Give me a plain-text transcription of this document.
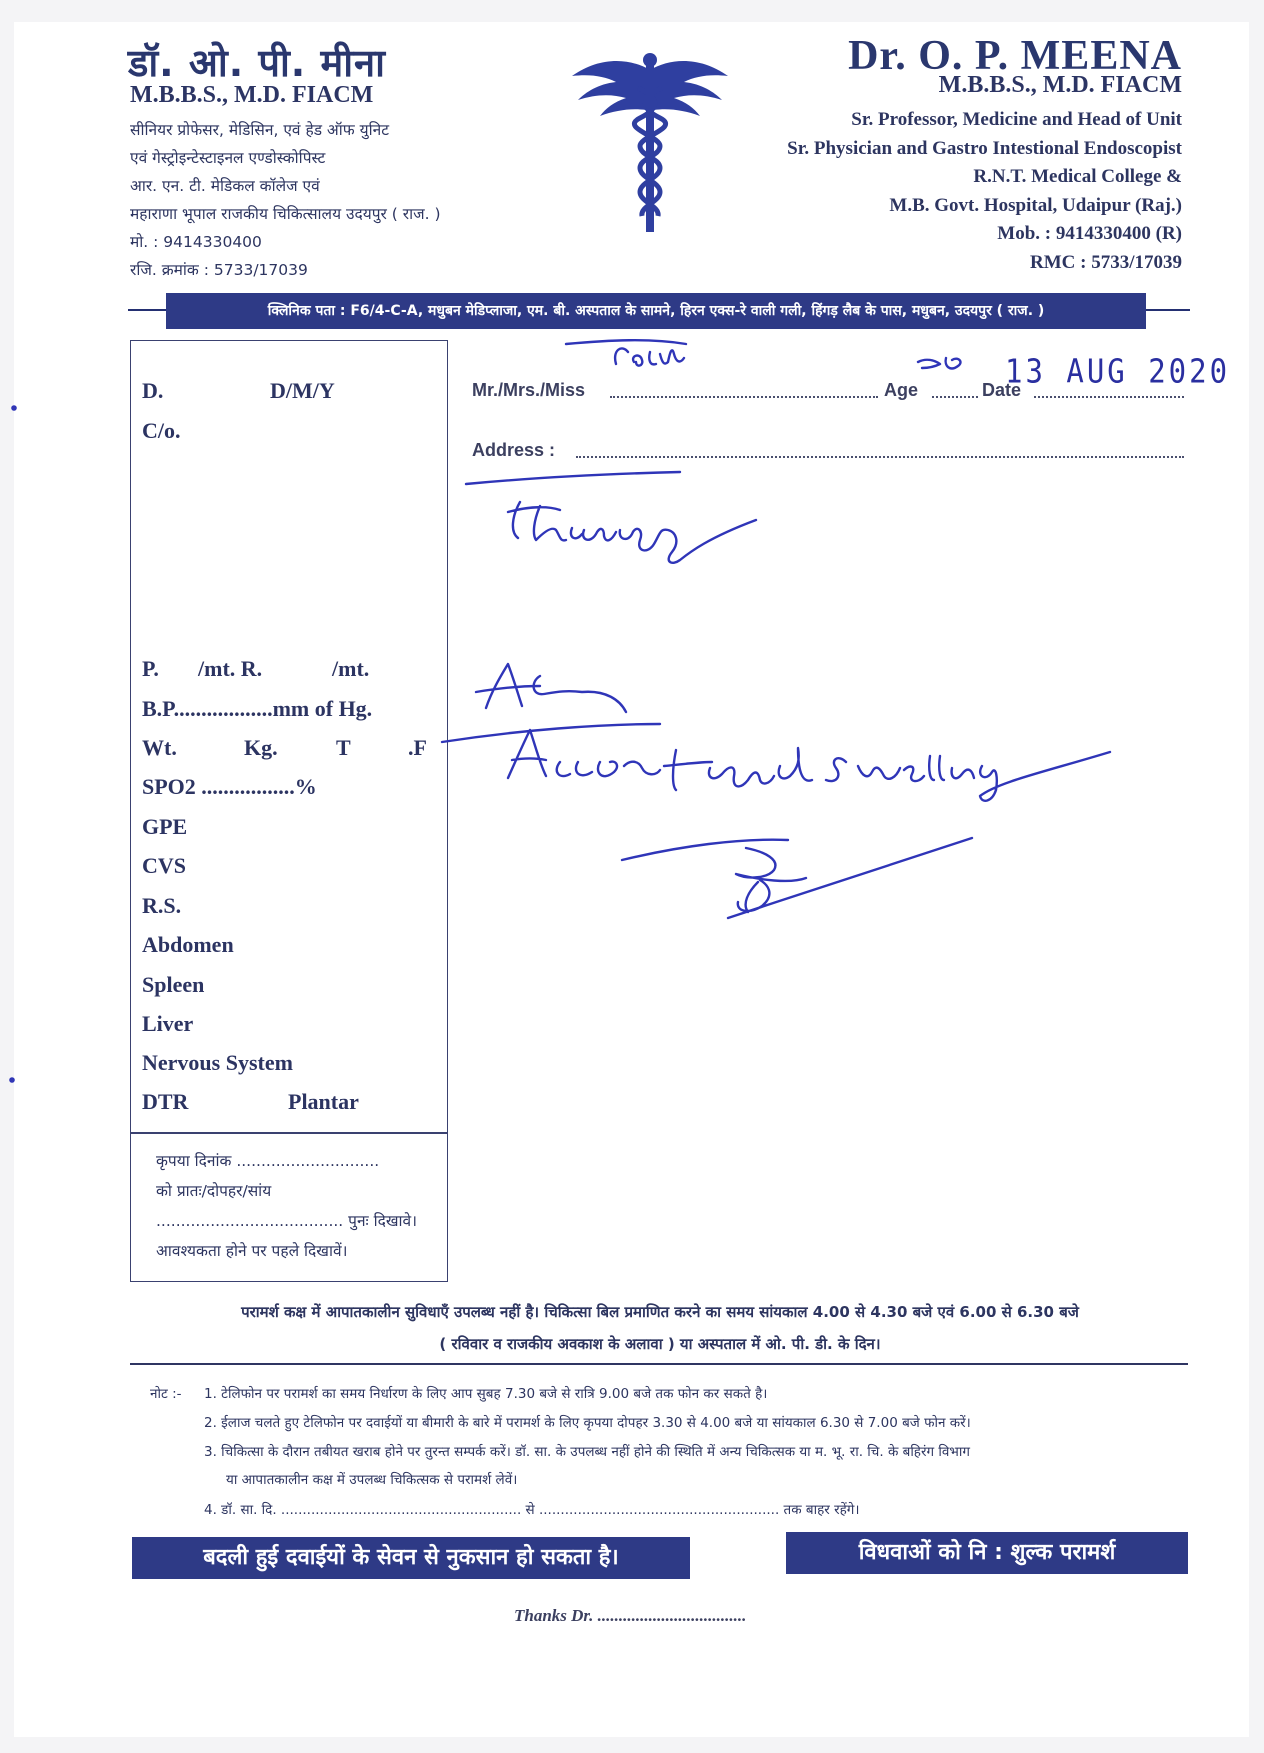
डॉ. ओ. पी. मीना
M.B.B.S., M.D. FIACM
सीनियर प्रोफेसर, मेडिसिन, एवं हेड ऑफ युनिट
एवं गेस्ट्रोइन्टेस्टाइनल एण्डोस्कोपिस्ट
आर. एन. टी. मेडिकल कॉलेज एवं
महाराणा भूपाल राजकीय चिकित्सालय उदयपुर ( राज. )
मो. : 9414330400
रजि. क्रमांक : 5733/17039
Dr. O. P. MEENA
M.B.B.S., M.D. FIACM
Sr. Professor, Medicine and Head of Unit
Sr. Physician and Gastro Intestional Endoscopist
R.N.T. Medical College &
M.B. Govt. Hospital, Udaipur (Raj.)
Mob. : 9414330400 (R)
RMC : 5733/17039
क्लिनिक पता : F6/4-C-A, मधुबन मेडिप्लाजा, एम. बी. अस्पताल के सामने, हिरन एक्स-रे वाली गली, हिंगड़ लैब के पास, मधुबन, उदयपुर ( राज. )
D.	D/M/Y
C/o.
P. /mt. R.	/mt.
B.P..................mm of Hg.
Wt.	Kg.	T	.F
SPO2 .................%
GPE
CVS
R.S.
Abdomen
Spleen
Liver
Nervous System
DTR	Plantar
कृपया दिनांक .............................
को प्रातः/दोपहर/सांय
...................................... पुनः दिखावे।
आवश्यकता होने पर पहले दिखावें।
Mr./Mrs./Miss	Age	Date
13 AUG 2020
Address :
परामर्श कक्ष में आपातकालीन सुविधाएँ उपलब्ध नहीं है। चिकित्सा बिल प्रमाणित करने का समय सांयकाल 4.00 से 4.30 बजे एवं 6.00 से 6.30 बजे
( रविवार व राजकीय अवकाश के अलावा ) या अस्पताल में ओ. पी. डी. के दिन।
नोट :- 1. टेलिफोन पर परामर्श का समय निर्धारण के लिए आप सुबह 7.30 बजे से रात्रि 9.00 बजे तक फोन कर सकते है।
2. ईलाज चलते हुए टेलिफोन पर दवाईयों या बीमारी के बारे में परामर्श के लिए कृपया दोपहर 3.30 से 4.00 बजे या सांयकाल 6.30 से 7.00 बजे फोन करें।
3. चिकित्सा के दौरान तबीयत खराब होने पर तुरन्त सम्पर्क करें। डॉ. सा. के उपलब्ध नहीं होने की स्थिति में अन्य चिकित्सक या म. भू. रा. चि. के बहिरंग विभाग
या आपातकालीन कक्ष में उपलब्ध चिकित्सक से परामर्श लेवें।
4. डॉ. सा. दि. ........................................................ से ........................................................ तक बाहर रहेंगे।
बदली हुई दवाईयों के सेवन से नुकसान हो सकता है।	विधवाओं को नि : शुल्क परामर्श
Thanks Dr. ...................................
